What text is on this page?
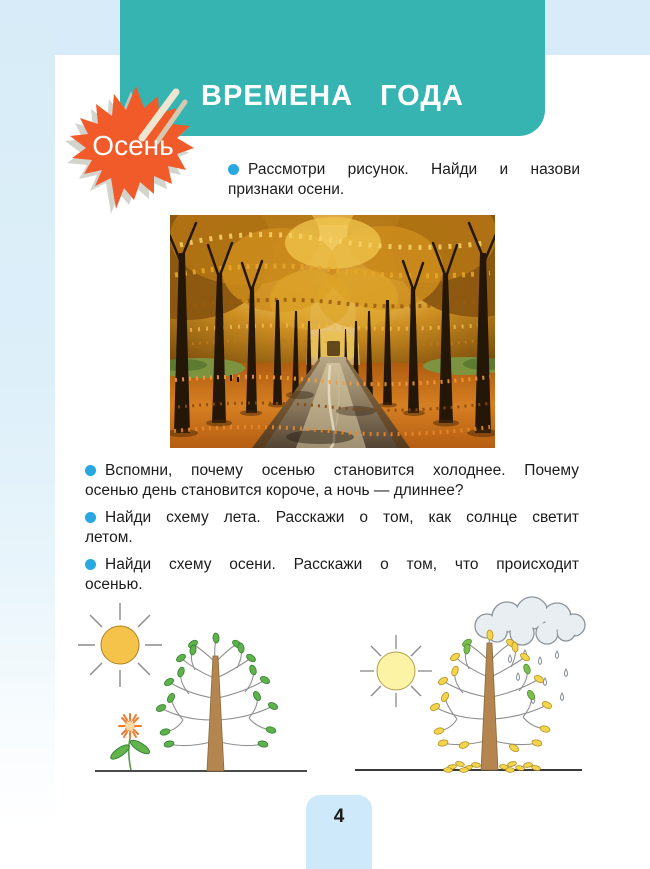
ВРЕМЕНА ГОДА
Осень
Рассмотри рисунок. Найди и назови
признаки осени.
Вспомни, почему осенью становится холоднее. Почему
осенью день становится короче, а ночь — длиннее?
Найди схему лета. Расскажи о том, как солнце светит
летом.
Найди схему осени. Расскажи о том, что происходит
осенью.
4
